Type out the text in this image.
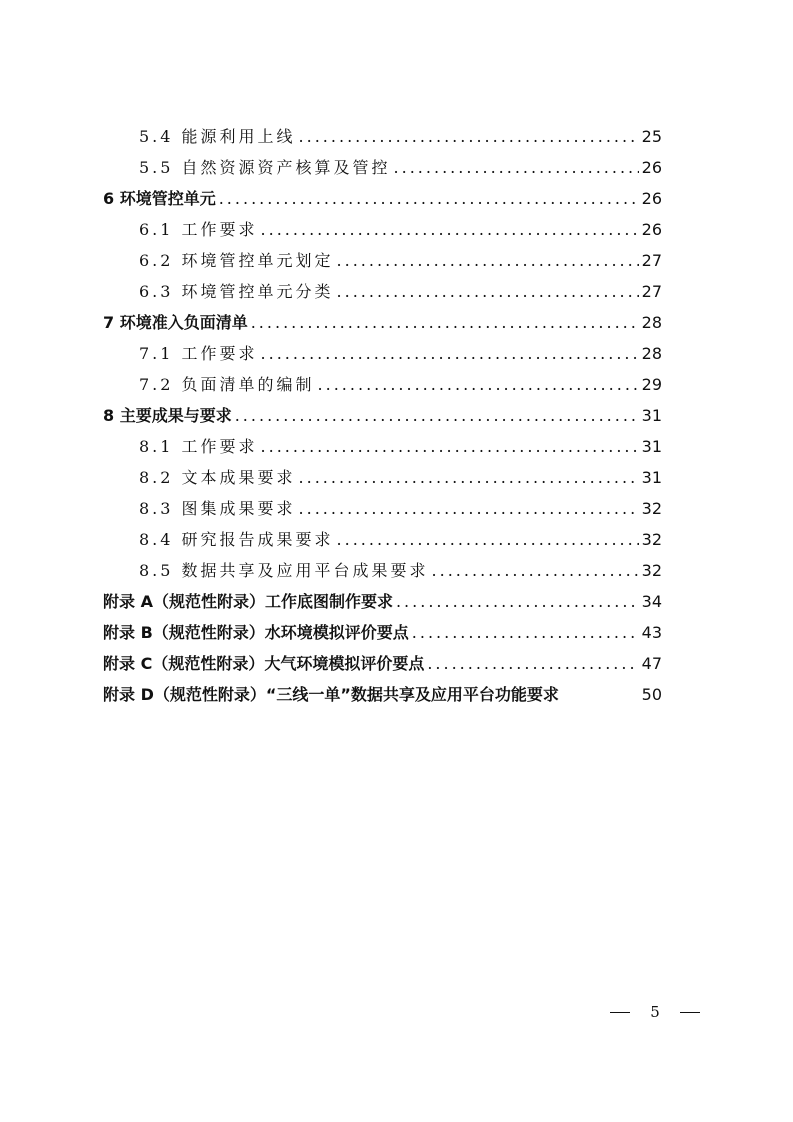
5.4 能源利用上线 .....	25
5.5 自然资源资产核算及管控 .....	26
6 环境管控单元 .....	26
6.1 工作要求 .....	26
6.2 环境管控单元划定 .....	27
6.3 环境管控单元分类 .....	27
7 环境准入负面清单 .....	28
7.1 工作要求 .....	28
7.2 负面清单的编制 .....	29
8 主要成果与要求 .....	31
8.1 工作要求 .....	31
8.2 文本成果要求 .....	31
8.3 图集成果要求 .....	32
8.4 研究报告成果要求 .....	32
8.5 数据共享及应用平台成果要求 .....	32
附录 A（规范性附录）工作底图制作要求 .....	34
附录 B（规范性附录）水环境模拟评价要点 .....	43
附录 C（规范性附录）大气环境模拟评价要点 .....	47
附录 D（规范性附录）“三线一单”数据共享及应用平台功能要求	50
5
